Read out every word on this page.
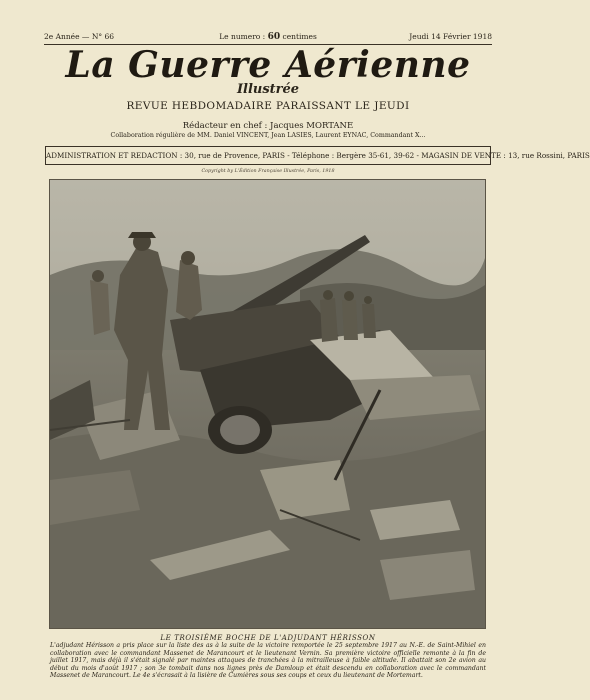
2e Année — N° 66	Le numero : 60 centimes	Jeudi 14 Février 1918
La Guerre Aérienne
Illustrée
REVUE HEBDOMADAIRE PARAISSANT LE JEUDI
Rédacteur en chef : Jacques MORTANE
Collaboration régulière de MM. Daniel VINCENT, Jean LASIES, Laurent EYNAC, Commandant X...
ADMINISTRATION ET REDACTION : 30, rue de Provence, PARIS - Téléphone : Bergère 35-61, 39-62 - MAGASIN DE VENTE : 13, rue Rossini, PARIS
Copyright by L'Édition Française Illustrée, Paris, 1918
LE TROISIÈME BOCHE DE L'ADJUDANT HÉRISSON
L'adjudant Hérisson a pris place sur la liste des as à la suite de la victoire remportée le 25 septembre 1917 au N.-E. de Saint-Mihiel en collaboration avec le commandant Massenet de Marancourt et le lieutenant Vernin. Sa première victoire officielle remonte à la fin de juillet 1917, mais déjà il s'était signalé par maintes attaques de tranchées à la mitrailleuse à faible altitude. Il abattait son 2e avion au début du mois d'août 1917 ; son 3e tombait dans nos lignes près de Damloup et était descendu en collaboration avec le commandant Massenet de Marancourt. Le 4e s'écrasait à la lisière de Cumières sous ses coups et ceux du lieutenant de Mortemart.
